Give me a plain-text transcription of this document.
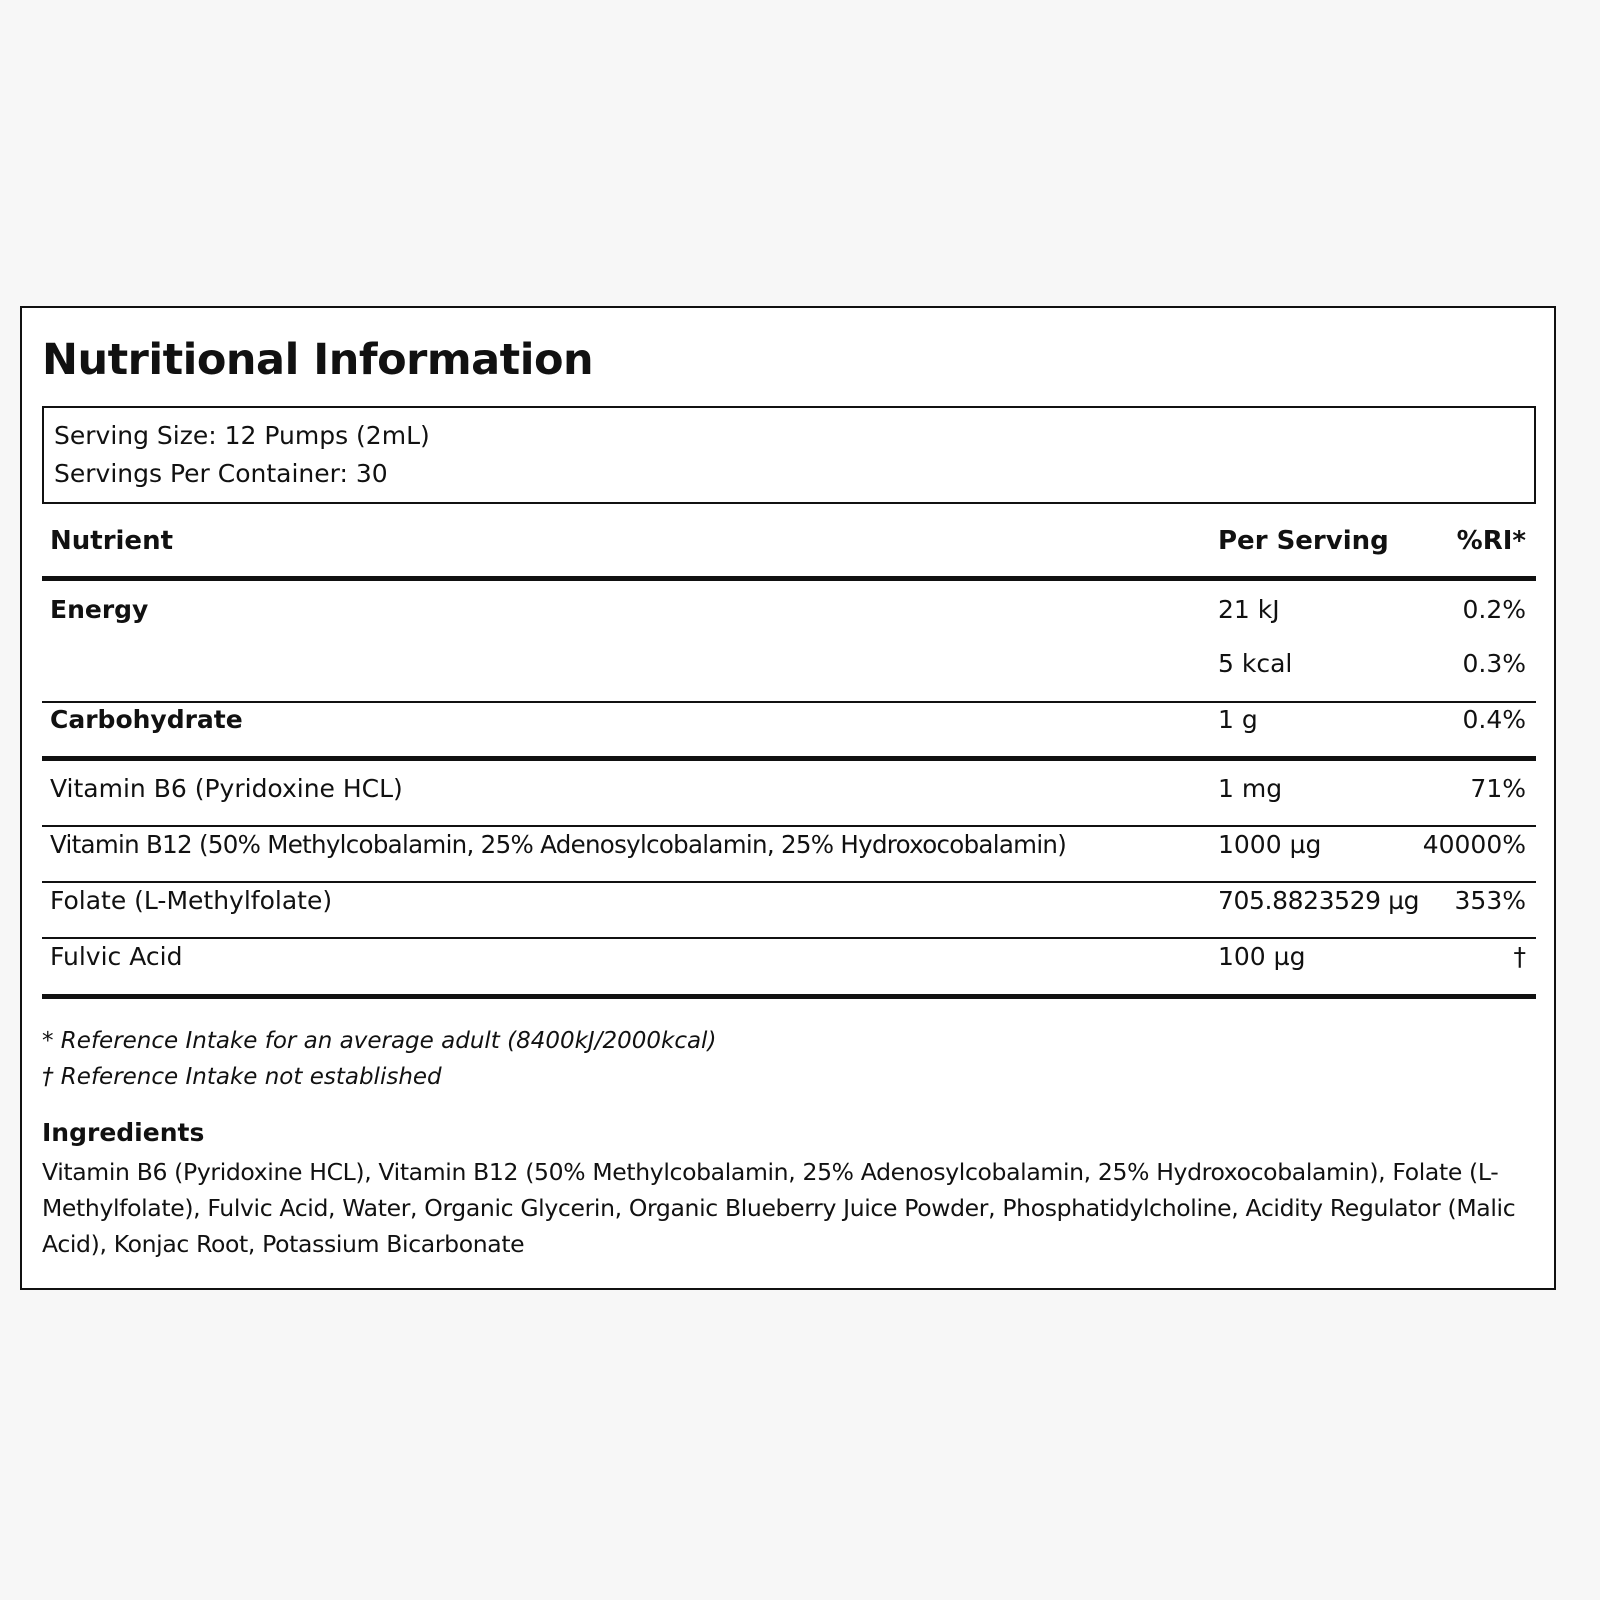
Nutritional Information
Serving Size: 12 Pumps (2mL)
Servings Per Container: 30
Nutrient	Per Serving	%RI*
Energy	21 kJ	0.2%
5 kcal	0.3%
Carbohydrate	1 g	0.4%
Vitamin B6 (Pyridoxine HCL)	1 mg	71%
Vitamin B12 (50% Methylcobalamin, 25% Adenosylcobalamin, 25% Hydroxocobalamin)	1000 µg	40000%
Folate (L-Methylfolate)	705.8823529 µg 353%
Fulvic Acid	100 µg	†
* Reference Intake for an average adult (8400kJ/2000kcal)
† Reference Intake not established
Ingredients
Vitamin B6 (Pyridoxine HCL), Vitamin B12 (50% Methylcobalamin, 25% Adenosylcobalamin, 25% Hydroxocobalamin), Folate (L-Methylfolate), Fulvic Acid, Water, Organic Glycerin, Organic Blueberry Juice Powder, Phosphatidylcholine, Acidity Regulator (Malic Acid), Konjac Root, Potassium Bicarbonate
